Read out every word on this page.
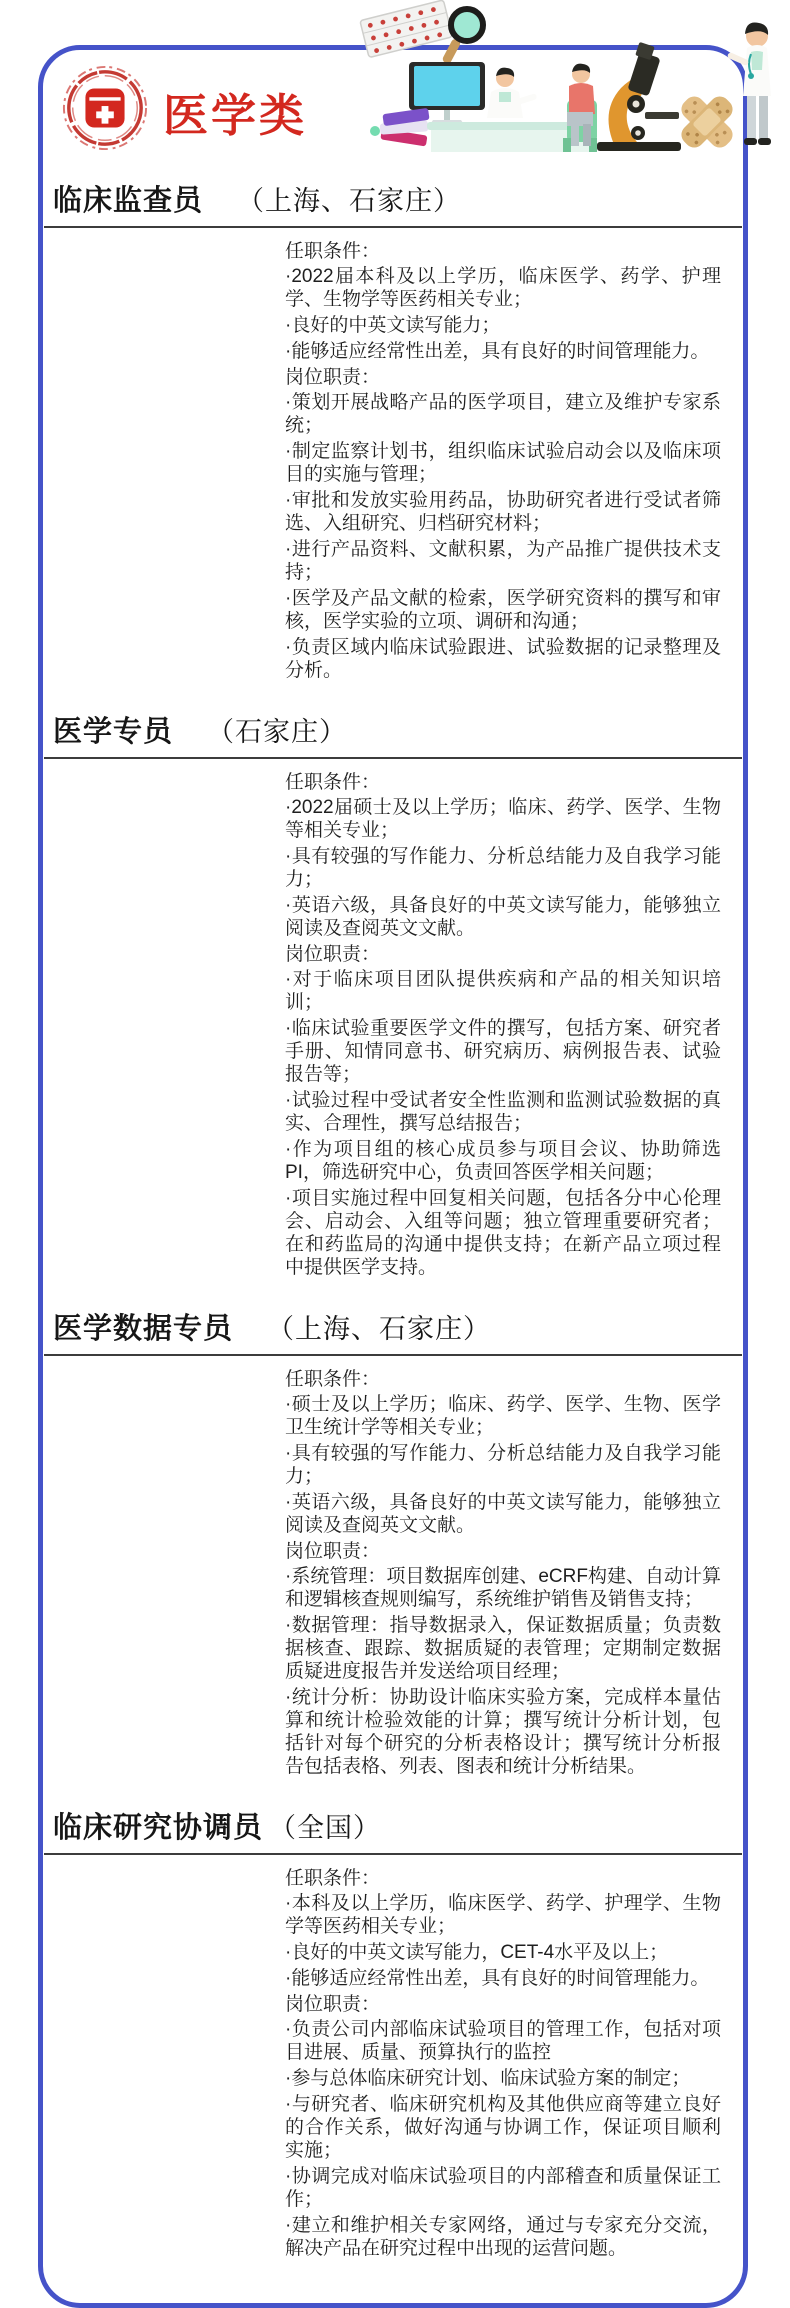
医学类
临床监查员 （上海、石家庄）
任职条件：
·2022届本科及以上学历，临床医学、药学、护理学、生物学等医药相关专业；
·良好的中英文读写能力；
·能够适应经常性出差，具有良好的时间管理能力。
岗位职责：
·策划开展战略产品的医学项目，建立及维护专家系统；
·制定监察计划书，组织临床试验启动会以及临床项目的实施与管理；
·审批和发放实验用药品，协助研究者进行受试者筛选、入组研究、归档研究材料；
·进行产品资料、文献积累，为产品推广提供技术支持；
·医学及产品文献的检索，医学研究资料的撰写和审核，医学实验的立项、调研和沟通；
·负责区域内临床试验跟进、试验数据的记录整理及分析。
医学专员 （石家庄）
任职条件：
·2022届硕士及以上学历；临床、药学、医学、生物等相关专业；
·具有较强的写作能力、分析总结能力及自我学习能力；
·英语六级，具备良好的中英文读写能力，能够独立阅读及查阅英文文献。
岗位职责：
·对于临床项目团队提供疾病和产品的相关知识培训；
·临床试验重要医学文件的撰写，包括方案、研究者手册、知情同意书、研究病历、病例报告表、试验报告等；
·试验过程中受试者安全性监测和监测试验数据的真实、合理性，撰写总结报告；
·作为项目组的核心成员参与项目会议、协助筛选PI，筛选研究中心，负责回答医学相关问题；
·项目实施过程中回复相关问题，包括各分中心伦理会、启动会、入组等问题；独立管理重要研究者；在和药监局的沟通中提供支持；在新产品立项过程中提供医学支持。
医学数据专员 （上海、石家庄）
任职条件：
·硕士及以上学历；临床、药学、医学、生物、医学卫生统计学等相关专业；
·具有较强的写作能力、分析总结能力及自我学习能力；
·英语六级，具备良好的中英文读写能力，能够独立阅读及查阅英文文献。
岗位职责：
·系统管理：项目数据库创建、eCRF构建、自动计算和逻辑核查规则编写，系统维护销售及销售支持；
·数据管理：指导数据录入，保证数据质量；负责数据核查、跟踪、数据质疑的表管理；定期制定数据质疑进度报告并发送给项目经理；
·统计分析：协助设计临床实验方案，完成样本量估算和统计检验效能的计算；撰写统计分析计划，包括针对每个研究的分析表格设计；撰写统计分析报告包括表格、列表、图表和统计分析结果。
临床研究协调员 （全国）
任职条件：
·本科及以上学历，临床医学、药学、护理学、生物学等医药相关专业；
·良好的中英文读写能力，CET-4水平及以上；
·能够适应经常性出差，具有良好的时间管理能力。
岗位职责：
·负责公司内部临床试验项目的管理工作，包括对项目进展、质量、预算执行的监控
·参与总体临床研究计划、临床试验方案的制定；
·与研究者、临床研究机构及其他供应商等建立良好的合作关系，做好沟通与协调工作，保证项目顺利实施；
·协调完成对临床试验项目的内部稽查和质量保证工作；
·建立和维护相关专家网络，通过与专家充分交流，解决产品在研究过程中出现的运营问题。
